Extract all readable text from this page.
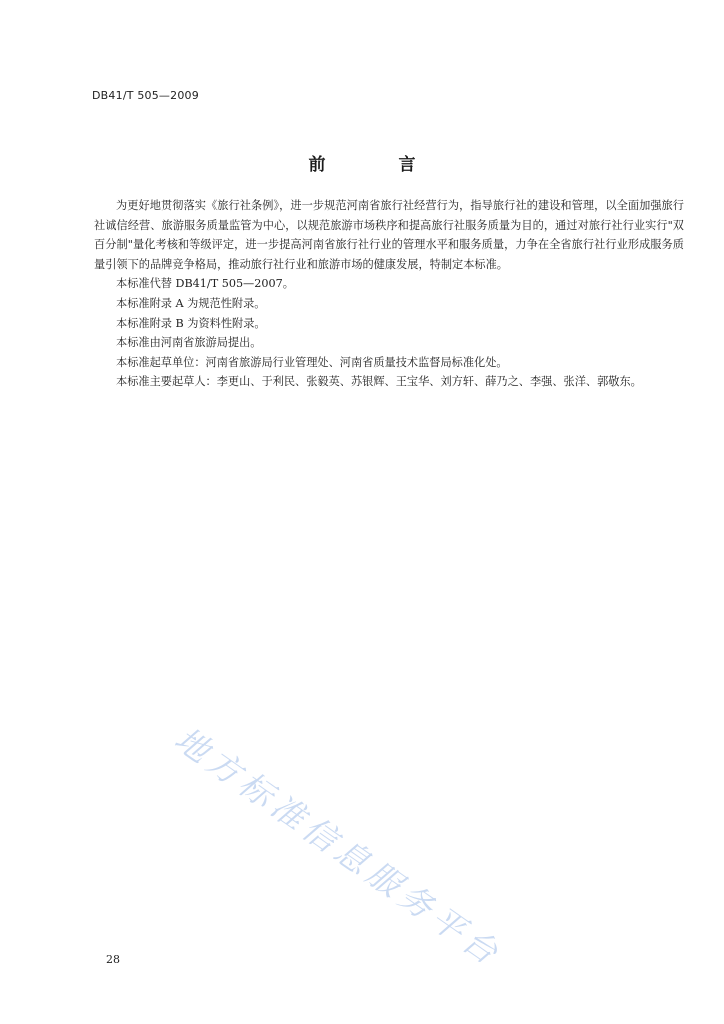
DB41/T 505—2009
前　言

为更好地贯彻落实《旅行社条例》，进一步规范河南省旅行社经营行为，指导旅行社的建设和管理，以全面加强旅行社诚信经营、旅游服务质量监管为中心，以规范旅游市场秩序和提高旅行社服务质量为目的，通过对旅行社行业实行"双百分制"量化考核和等级评定，进一步提高河南省旅行社行业的管理水平和服务质量，力争在全省旅行社行业形成服务质量引领下的品牌竞争格局，推动旅行社行业和旅游市场的健康发展，特制定本标准。

本标准代替 DB41/T 505—2007。

本标准附录 A 为规范性附录。

本标准附录 B 为资料性附录。

本标准由河南省旅游局提出。

本标准起草单位：河南省旅游局行业管理处、河南省质量技术监督局标准化处。

本标准主要起草人：李更山、于利民、张毅英、苏银辉、王宝华、刘方轩、薛乃之、李强、张洋、郭敬东。

地方标准信息服务平台
28
